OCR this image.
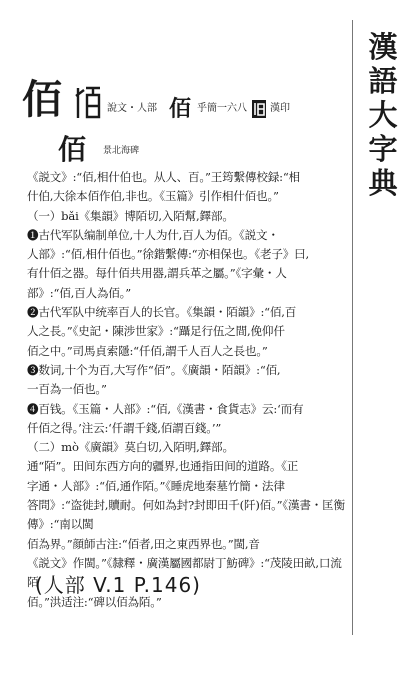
漢
語
大
字
典
佰	說文・人部 佰 乎簡一六八 漢印
佰 景北海碑

《説文》:“佰,相什伯也。从人、百。”王筠繫傳校録:“相

什伯,大徐本佰作伯,非也。《玉篇》引作相什佰也。”

（一）bǎi《集韻》博陌切,入陌幫,鐸部。

❶古代军队编制单位,十人为什,百人为佰。《説文・

人部》:“佰,相什佰也。”徐鍇繫傳:“亦相保也。《老子》曰,

有什佰之器。每什佰共用器,謂兵革之屬。”《字彙・人

部》:“佰,百人為佰。”

❷古代军队中统率百人的长官。《集韻・陌韻》:“佰,百

人之長。”《史記・陳涉世家》:“躡足行伍之間,俛仰仟

佰之中。”司馬貞索隱:“仟佰,謂千人百人之長也。”

❸数词,十个为百,大写作“佰”。《廣韻・陌韻》:“佰,

一百為一佰也。”

❹百钱。《玉篇・人部》:“佰,《漢書・食貨志》云:‘而有

仟佰之得。’注云:‘仟謂千錢,佰謂百錢。’”

（二）mò《廣韻》莫白切,入陌明,鐸部。

通“陌”。田间东西方向的疆界,也通指田间的道路。《正

字通・人部》:“佰,通作陌。”《睡虎地秦墓竹簡・法律

答問》:“盗徙封,贖耐。何如為封?封即田千(阡)佰。”《漢書・匡衡傳》:“南以閩

佰為界。”顔師古注:“佰者,田之東西界也。”閩,音

《説文》作閩。”《隸釋・廣漢屬國都尉丁魴碑》:“茂陵田畝,口流陌

佰。”洪适注:“碑以佰為陌。”

(人部 V.1 P.146)
